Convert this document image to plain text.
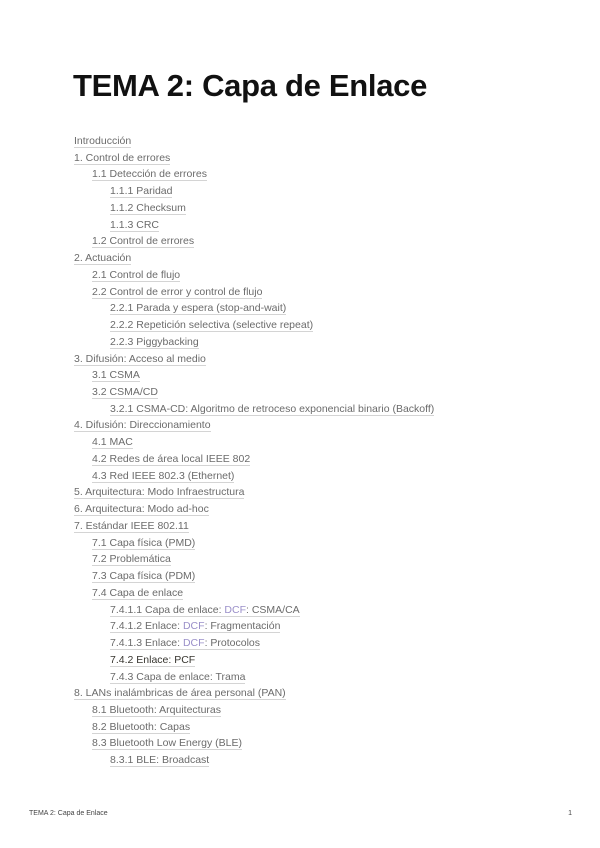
TEMA 2: Capa de Enlace
Introducción
1. Control de errores
1.1 Detección de errores
1.1.1 Paridad
1.1.2 Checksum
1.1.3 CRC
1.2 Control de errores
2. Actuación
2.1 Control de flujo
2.2 Control de error y control de flujo
2.2.1 Parada y espera (stop-and-wait)
2.2.2 Repetición selectiva (selective repeat)
2.2.3 Piggybacking
3. Difusión: Acceso al medio
3.1 CSMA
3.2 CSMA/CD
3.2.1 CSMA-CD: Algoritmo de retroceso exponencial binario (Backoff)
4. Difusión: Direccionamiento
4.1 MAC
4.2 Redes de área local IEEE 802
4.3 Red IEEE 802.3 (Ethernet)
5. Arquitectura: Modo Infraestructura
6. Arquitectura: Modo ad-hoc
7. Estándar IEEE 802.11
7.1 Capa física (PMD)
7.2 Problemática
7.3 Capa física (PDM)
7.4 Capa de enlace
7.4.1.1 Capa de enlace: DCF: CSMA/CA
7.4.1.2 Enlace: DCF: Fragmentación
7.4.1.3 Enlace: DCF: Protocolos
7.4.2 Enlace: PCF
7.4.3 Capa de enlace: Trama
8. LANs inalámbricas de área personal (PAN)
8.1 Bluetooth: Arquitecturas
8.2 Bluetooth: Capas
8.3 Bluetooth Low Energy (BLE)
8.3.1 BLE: Broadcast
TEMA 2: Capa de Enlace	1
